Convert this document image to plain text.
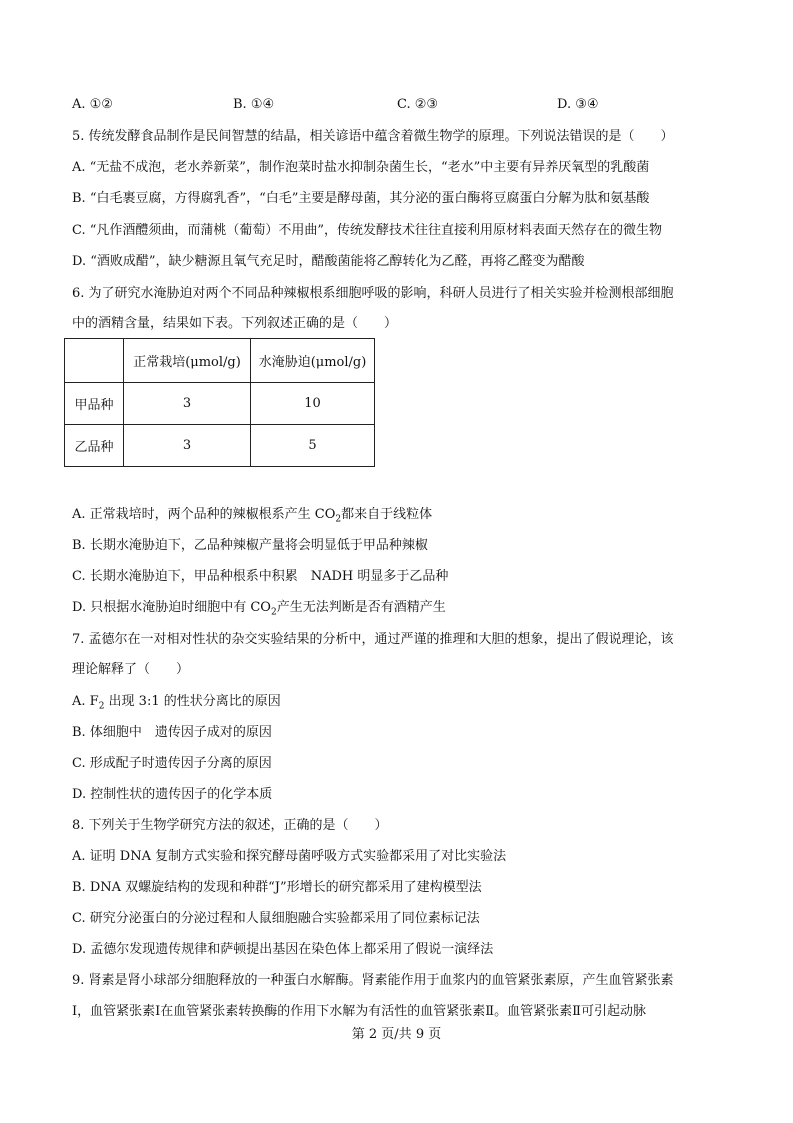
A. ①②	B. ①④	C. ②③	D. ③④
5. 传统发酵食品制作是民间智慧的结晶，相关谚语中蕴含着微生物学的原理。下列说法错误的是（　　）
A. “无盐不成泡，老水养新菜”，制作泡菜时盐水抑制杂菌生长，“老水”中主要有异养厌氧型的乳酸菌
B. “白毛裹豆腐，方得腐乳香”，“白毛”主要是酵母菌，其分泌的蛋白酶将豆腐蛋白分解为肽和氨基酸
C. “凡作酒醴须曲，而蒲桃（葡萄）不用曲”，传统发酵技术往往直接利用原材料表面天然存在的微生物
D. “酒败成醋”，缺少糖源且氧气充足时，醋酸菌能将乙醇转化为乙醛，再将乙醛变为醋酸
6. 为了研究水淹胁迫对两个不同品种辣椒根系细胞呼吸的影响，科研人员进行了相关实验并检测根部细胞
中的酒精含量，结果如下表。下列叙述正确的是（　　）
	正常栽培(μmol/g)	水淹胁迫(μmol/g)
甲品种	3	10
乙品种	3	5
A. 正常栽培时，两个品种的辣椒根系产生 $CO_2$都来自于线粒体
B. 长期水淹胁迫下，乙品种辣椒产量将会明显低于甲品种辣椒
C. 长期水淹胁迫下，甲品种根系中积累　NADH 明显多于乙品种
D. 只根据水淹胁迫时细胞中有 $CO_2$产生无法判断是否有酒精产生
7. 孟德尔在一对相对性状的杂交实验结果的分析中，通过严谨的推理和大胆的想象，提出了假说理论，该
理论解释了（　　）
A. $F_2$ 出现 3:1 的性状分离比的原因
B. 体细胞中　遗传因子成对的原因
C. 形成配子时遗传因子分离的原因
D. 控制性状的遗传因子的化学本质
8. 下列关于生物学研究方法的叙述，正确的是（　　）
A. 证明 DNA 复制方式实验和探究酵母菌呼吸方式实验都采用了对比实验法
B. DNA 双螺旋结构的发现和种群“J”形增长的研究都采用了建构模型法
C. 研究分泌蛋白的分泌过程和人鼠细胞融合实验都采用了同位素标记法
D. 孟德尔发现遗传规律和萨顿提出基因在染色体上都采用了假说一演绎法
9. 肾素是肾小球部分细胞释放的一种蛋白水解酶。肾素能作用于血浆内的血管紧张素原，产生血管紧张素
Ⅰ，血管紧张素Ⅰ在血管紧张素转换酶的作用下水解为有活性的血管紧张素Ⅱ。血管紧张素Ⅱ可引起动脉
第 2 页/共 9 页
